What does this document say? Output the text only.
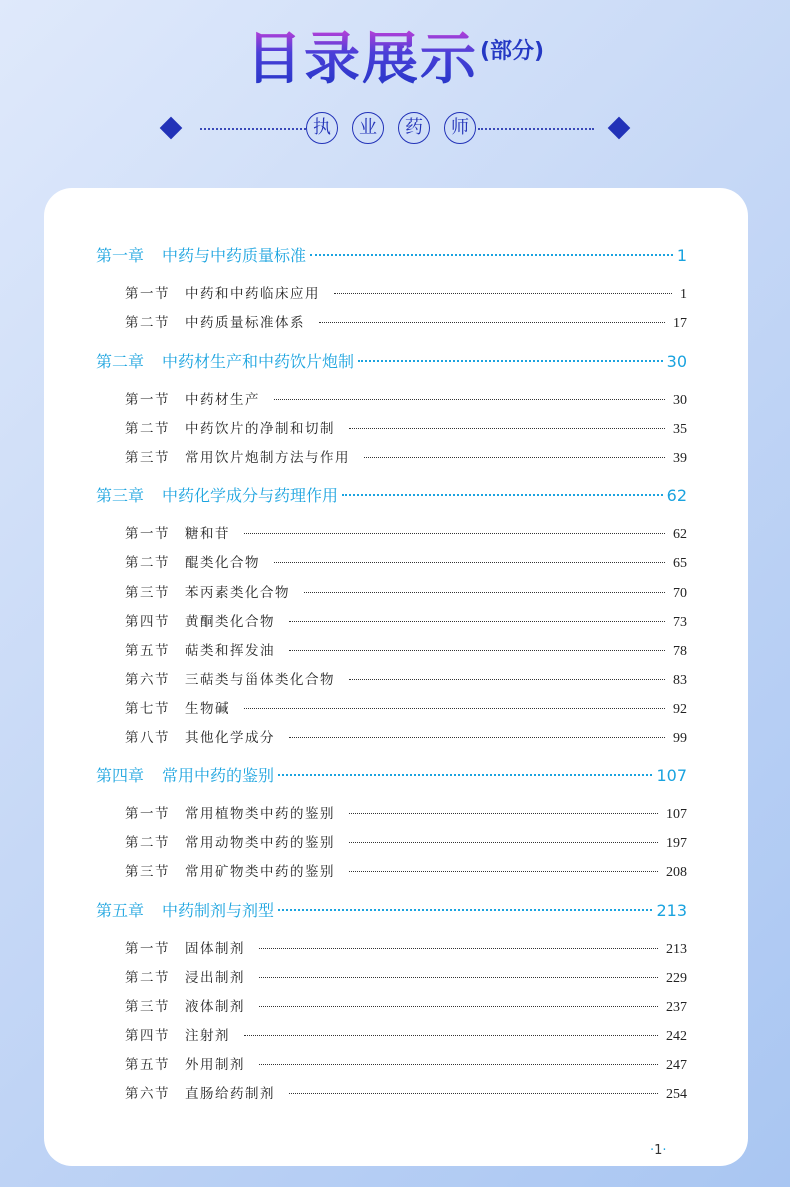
目录展示(部分)
执	业	药	师
第一章 中药与中药质量标准	1
第一节	中药和中药临床应用	1
第二节	中药质量标准体系	17
第二章 中药材生产和中药饮片炮制	30
第一节	中药材生产	30
第二节	中药饮片的净制和切制	35
第三节	常用饮片炮制方法与作用	39
第三章 中药化学成分与药理作用	62
第一节	糖和苷	62
第二节	醌类化合物	65
第三节	苯丙素类化合物	70
第四节	黄酮类化合物	73
第五节	萜类和挥发油	78
第六节	三萜类与甾体类化合物	83
第七节	生物碱	92
第八节	其他化学成分	99
第四章 常用中药的鉴别	107
第一节	常用植物类中药的鉴别	107
第二节	常用动物类中药的鉴别	197
第三节	常用矿物类中药的鉴别	208
第五章 中药制剂与剂型	213
第一节	固体制剂	213
第二节	浸出制剂	229
第三节	液体制剂	237
第四节	注射剂	242
第五节	外用制剂	247
第六节	直肠给药制剂	254
·1·
